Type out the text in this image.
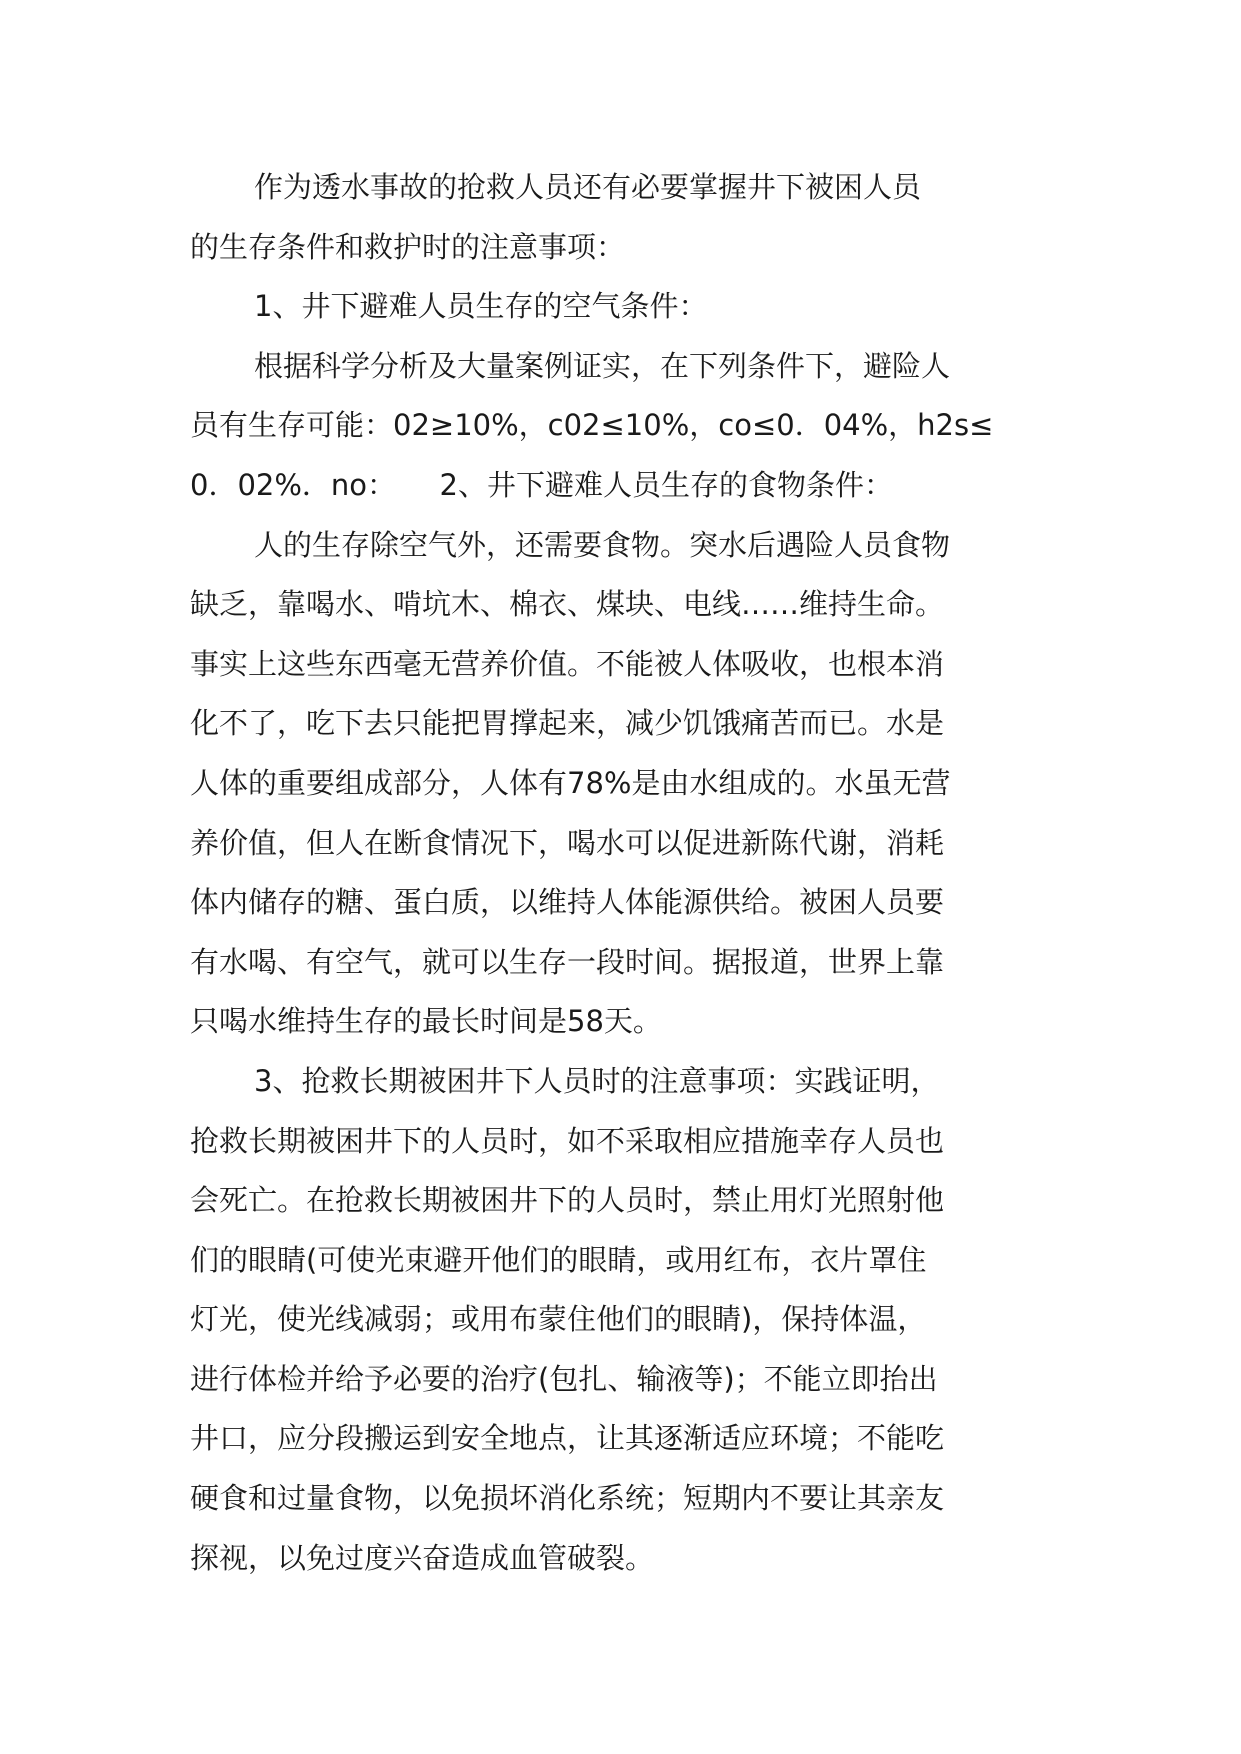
作为透水事故的抢救人员还有必要掌握井下被困人员
的生存条件和救护时的注意事项：
1、井下避难人员生存的空气条件：
根据科学分析及大量案例证实，在下列条件下，避险人
员有生存可能：02≥10%，c02≤10%，co≤0．04%，h2s≤
0．02%．no：　　2、井下避难人员生存的食物条件：
人的生存除空气外，还需要食物。突水后遇险人员食物
缺乏，靠喝水、啃坑木、棉衣、煤块、电线……维持生命。
事实上这些东西毫无营养价值。不能被人体吸收，也根本消
化不了，吃下去只能把胃撑起来，减少饥饿痛苦而已。水是
人体的重要组成部分，人体有78%是由水组成的。水虽无营
养价值，但人在断食情况下，喝水可以促进新陈代谢，消耗
体内储存的糖、蛋白质，以维持人体能源供给。被困人员要
有水喝、有空气，就可以生存一段时间。据报道，世界上靠
只喝水维持生存的最长时间是58天。
3、抢救长期被困井下人员时的注意事项：实践证明，
抢救长期被困井下的人员时，如不采取相应措施幸存人员也
会死亡。在抢救长期被困井下的人员时，禁止用灯光照射他
们的眼睛(可使光束避开他们的眼睛，或用红布，衣片罩住
灯光，使光线减弱；或用布蒙住他们的眼睛)，保持体温，
进行体检并给予必要的治疗(包扎、输液等)；不能立即抬出
井口，应分段搬运到安全地点，让其逐渐适应环境；不能吃
硬食和过量食物，以免损坏消化系统；短期内不要让其亲友
探视，以免过度兴奋造成血管破裂。
